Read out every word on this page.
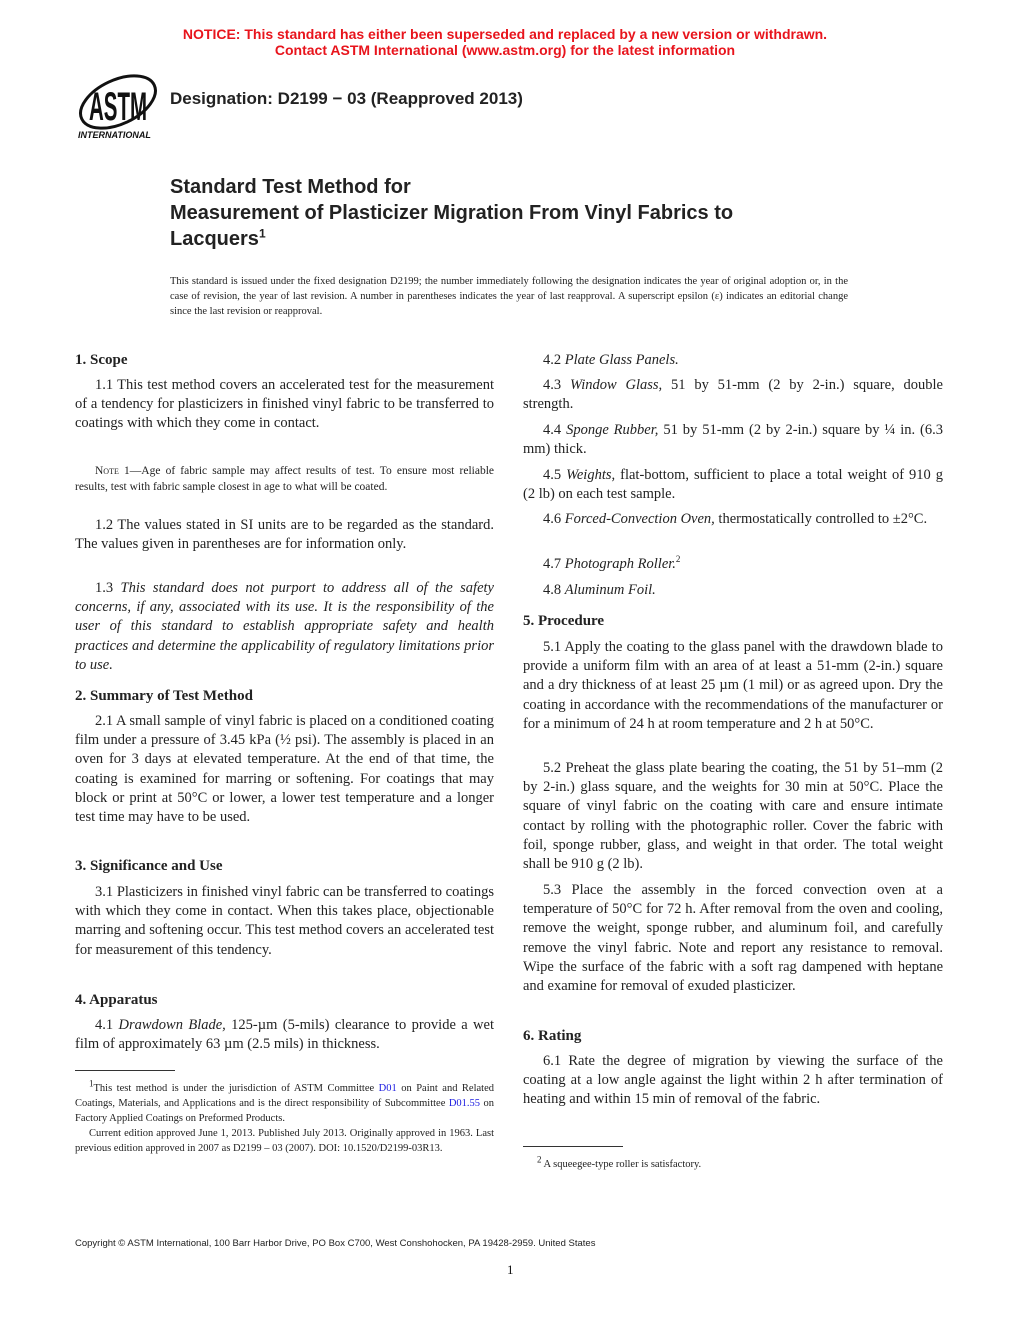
NOTICE: This standard has either been superseded and replaced by a new version or withdrawn.
Contact ASTM International (www.astm.org) for the latest information
ASTM
INTERNATIONAL
Designation: D2199 − 03 (Reapproved 2013)
Standard Test Method for
Measurement of Plasticizer Migration From Vinyl Fabrics to
Lacquers$^1$
This standard is issued under the fixed designation D2199; the number immediately following the designation indicates the year of original adoption or, in the case of revision, the year of last revision. A number in parentheses indicates the year of last reapproval. A superscript epsilon (ε) indicates an editorial change since the last revision or reapproval.
1. Scope
1.1 This test method covers an accelerated test for the measurement of a tendency for plasticizers in finished vinyl fabric to be transferred to coatings with which they come in contact.
Note 1—Age of fabric sample may affect results of test. To ensure most reliable results, test with fabric sample closest in age to what will be coated.
1.2 The values stated in SI units are to be regarded as the standard. The values given in parentheses are for information only.
1.3 This standard does not purport to address all of the safety concerns, if any, associated with its use. It is the responsibility of the user of this standard to establish appropriate safety and health practices and determine the applicability of regulatory limitations prior to use.
2. Summary of Test Method
2.1 A small sample of vinyl fabric is placed on a conditioned coating film under a pressure of 3.45 kPa (½ psi). The assembly is placed in an oven for 3 days at elevated temperature. At the end of that time, the coating is examined for marring or softening. For coatings that may block or print at 50°C or lower, a lower test temperature and a longer test time may have to be used.
3. Significance and Use
3.1 Plasticizers in finished vinyl fabric can be transferred to coatings with which they come in contact. When this takes place, objectionable marring and softening occur. This test method covers an accelerated test for measurement of this tendency.
4. Apparatus
4.1 Drawdown Blade, 125-µm (5-mils) clearance to provide a wet film of approximately 63 µm (2.5 mils) in thickness.
$^1$This test method is under the jurisdiction of ASTM Committee D01 on Paint and Related Coatings, Materials, and Applications and is the direct responsibility of Subcommittee D01.55 on Factory Applied Coatings on Preformed Products.
Current edition approved June 1, 2013. Published July 2013. Originally approved in 1963. Last previous edition approved in 2007 as D2199 – 03 (2007). DOI: 10.1520/D2199-03R13.
4.2 Plate Glass Panels.
4.3 Window Glass, 51 by 51-mm (2 by 2-in.) square, double strength.
4.4 Sponge Rubber, 51 by 51-mm (2 by 2-in.) square by ¼ in. (6.3 mm) thick.
4.5 Weights, flat-bottom, sufficient to place a total weight of 910 g (2 lb) on each test sample.
4.6 Forced-Convection Oven, thermostatically controlled to ±2°C.
4.7 Photograph Roller.$^2$
4.8 Aluminum Foil.
5. Procedure
5.1 Apply the coating to the glass panel with the drawdown blade to provide a uniform film with an area of at least a 51-mm (2-in.) square and a dry thickness of at least 25 µm (1 mil) or as agreed upon. Dry the coating in accordance with the recommendations of the manufacturer or for a minimum of 24 h at room temperature and 2 h at 50°C.
5.2 Preheat the glass plate bearing the coating, the 51 by 51–mm (2 by 2-in.) glass square, and the weights for 30 min at 50°C. Place the square of vinyl fabric on the coating with care and ensure intimate contact by rolling with the photographic roller. Cover the fabric with foil, sponge rubber, glass, and weight in that order. The total weight shall be 910 g (2 lb).
5.3 Place the assembly in the forced convection oven at a temperature of 50°C for 72 h. After removal from the oven and cooling, remove the weight, sponge rubber, and aluminum foil, and carefully remove the vinyl fabric. Note and report any resistance to removal. Wipe the surface of the fabric with a soft rag dampened with heptane and examine for removal of exuded plasticizer.
6. Rating
6.1 Rate the degree of migration by viewing the surface of the coating at a low angle against the light within 2 h after termination of heating and within 15 min of removal of the fabric.
$^2$ A squeegee-type roller is satisfactory.
Copyright © ASTM International, 100 Barr Harbor Drive, PO Box C700, West Conshohocken, PA 19428-2959. United States
1
